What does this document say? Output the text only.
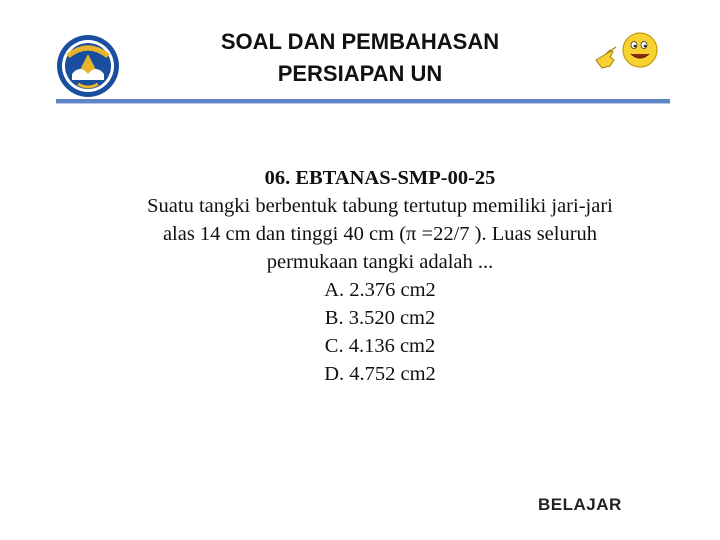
SOAL DAN PEMBAHASAN
PERSIAPAN UN
06. EBTANAS-SMP-00-25
Suatu tangki berbentuk tabung tertutup memiliki jari-jari
alas 14 cm dan tinggi 40 cm (π =22/7 ). Luas seluruh
permukaan tangki adalah ...
A. 2.376 cm2
B. 3.520 cm2
C. 4.136 cm2
D. 4.752 cm2
BELAJAR
